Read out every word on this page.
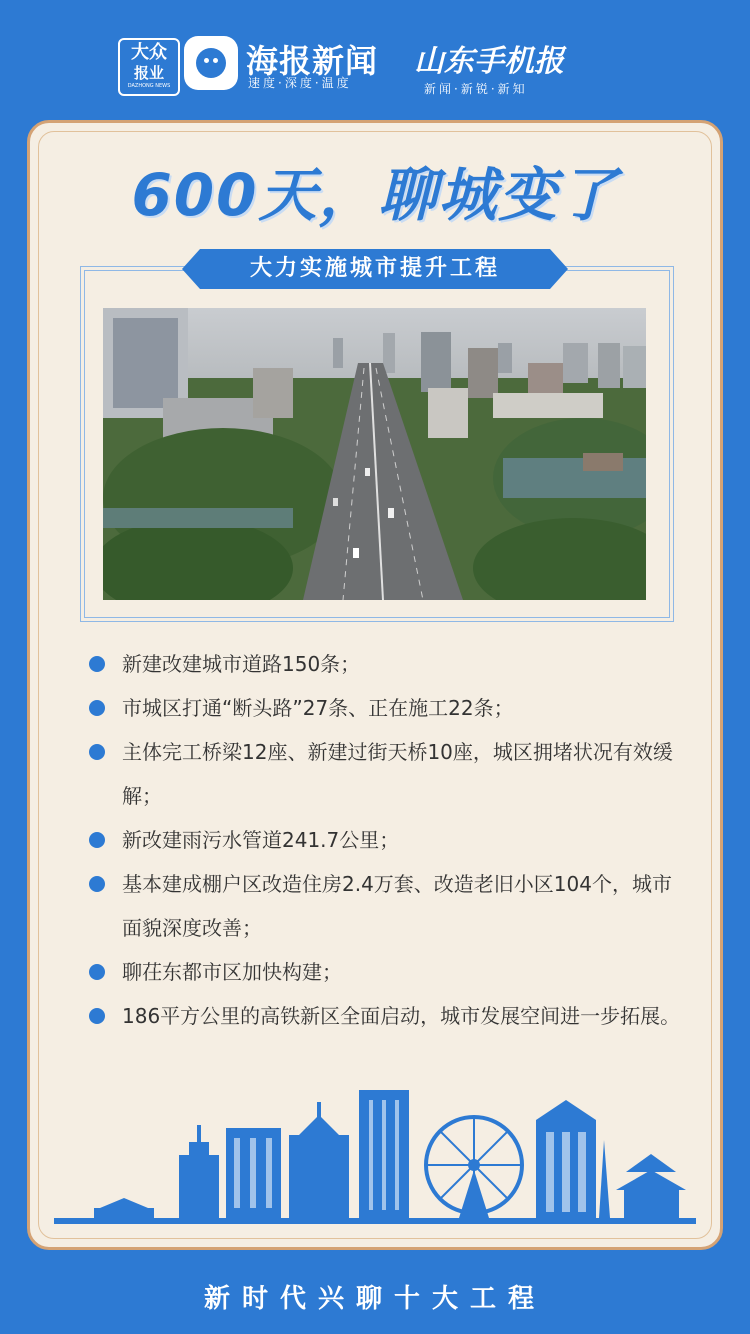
大众
报业
DAZHONG NEWS
海报新闻
速度·深度·温度
山东手机报
新闻·新锐·新知
600天，聊城变了
大力实施城市提升工程
新建改建城市道路150条；
市城区打通“断头路”27条、正在施工22条；
主体完工桥梁12座、新建过街天桥10座，城区拥堵状况有效缓解；
新改建雨污水管道241.7公里；
基本建成棚户区改造住房2.4万套、改造老旧小区104个，城市面貌深度改善；
聊茌东都市区加快构建；
186平方公里的高铁新区全面启动，城市发展空间进一步拓展。
新时代兴聊十大工程
